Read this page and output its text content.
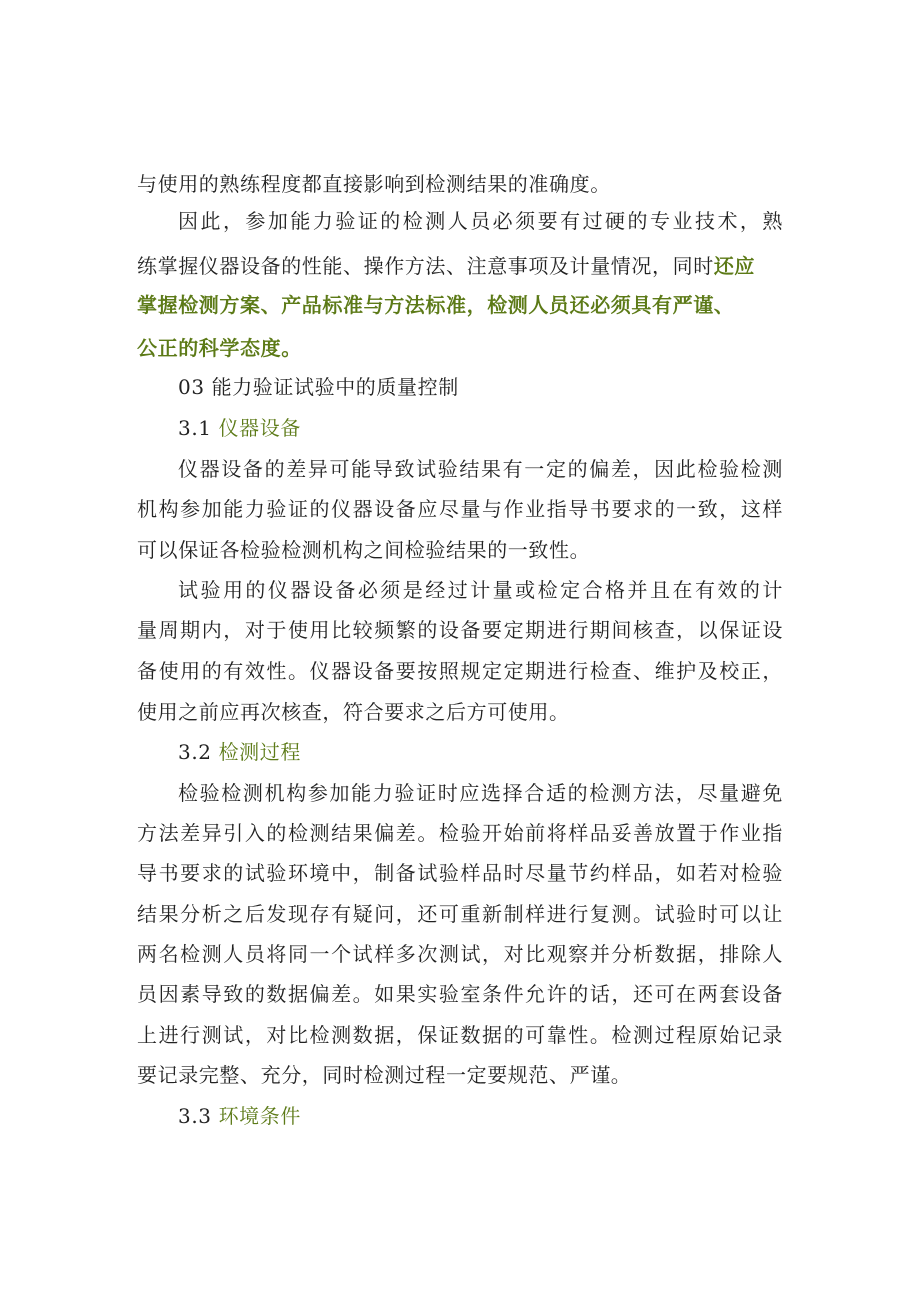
与使用的熟练程度都直接影响到检测结果的准确度。
因此，参加能力验证的检测人员必须要有过硬的专业技术，熟
练掌握仪器设备的性能、操作方法、注意事项及计量情况，同时还应
掌握检测方案、产品标准与方法标准，检测人员还必须具有严谨、
公正的科学态度。
03 能力验证试验中的质量控制
3.1 仪器设备
仪器设备的差异可能导致试验结果有一定的偏差，因此检验检测
机构参加能力验证的仪器设备应尽量与作业指导书要求的一致，这样
可以保证各检验检测机构之间检验结果的一致性。
试验用的仪器设备必须是经过计量或检定合格并且在有效的计
量周期内，对于使用比较频繁的设备要定期进行期间核查，以保证设
备使用的有效性。仪器设备要按照规定定期进行检查、维护及校正，
使用之前应再次核查，符合要求之后方可使用。
3.2 检测过程
检验检测机构参加能力验证时应选择合适的检测方法，尽量避免
方法差异引入的检测结果偏差。检验开始前将样品妥善放置于作业指
导书要求的试验环境中，制备试验样品时尽量节约样品，如若对检验
结果分析之后发现存有疑问，还可重新制样进行复测。试验时可以让
两名检测人员将同一个试样多次测试，对比观察并分析数据，排除人
员因素导致的数据偏差。如果实验室条件允许的话，还可在两套设备
上进行测试，对比检测数据，保证数据的可靠性。检测过程原始记录
要记录完整、充分，同时检测过程一定要规范、严谨。
3.3 环境条件
